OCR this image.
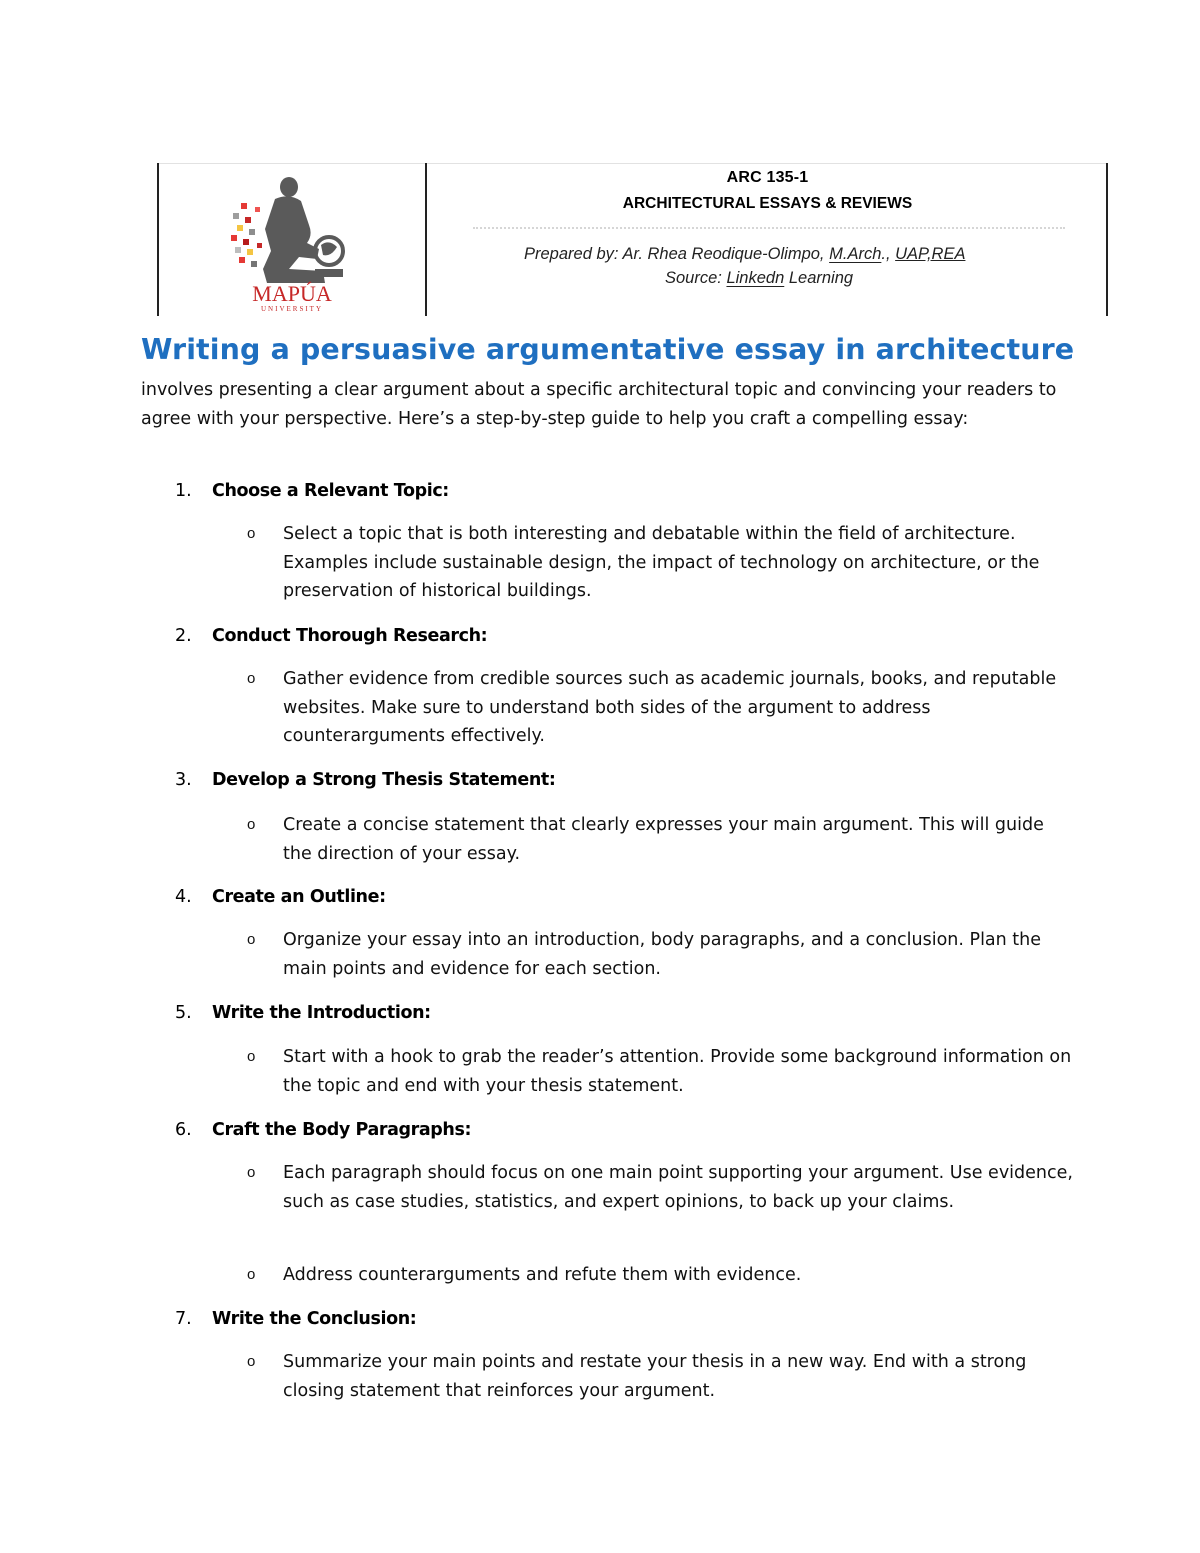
MAPÚA
UNIVERSITY
ARC 135-1
ARCHITECTURAL ESSAYS & REVIEWS
Prepared by: Ar. Rhea Reodique-Olimpo, M.Arch., UAP,REA
Source: Linkedn Learning
Writing a persuasive argumentative essay in architecture
involves presenting a clear argument about a specific architectural topic and convincing your readers to agree with your perspective. Here’s a step-by-step guide to help you craft a compelling essay:
1. Choose a Relevant Topic:
o	Select a topic that is both interesting and debatable within the field of architecture. Examples include sustainable design, the impact of technology on architecture, or the preservation of historical buildings.
2. Conduct Thorough Research:
o	Gather evidence from credible sources such as academic journals, books, and reputable websites. Make sure to understand both sides of the argument to address counterarguments effectively.
3. Develop a Strong Thesis Statement:
o	Create a concise statement that clearly expresses your main argument. This will guide the direction of your essay.
4. Create an Outline:
o	Organize your essay into an introduction, body paragraphs, and a conclusion. Plan the main points and evidence for each section.
5. Write the Introduction:
o	Start with a hook to grab the reader’s attention. Provide some background information on the topic and end with your thesis statement.
6. Craft the Body Paragraphs:
o	Each paragraph should focus on one main point supporting your argument. Use evidence, such as case studies, statistics, and expert opinions, to back up your claims.
o	Address counterarguments and refute them with evidence.
7. Write the Conclusion:
o	Summarize your main points and restate your thesis in a new way. End with a strong closing statement that reinforces your argument.
